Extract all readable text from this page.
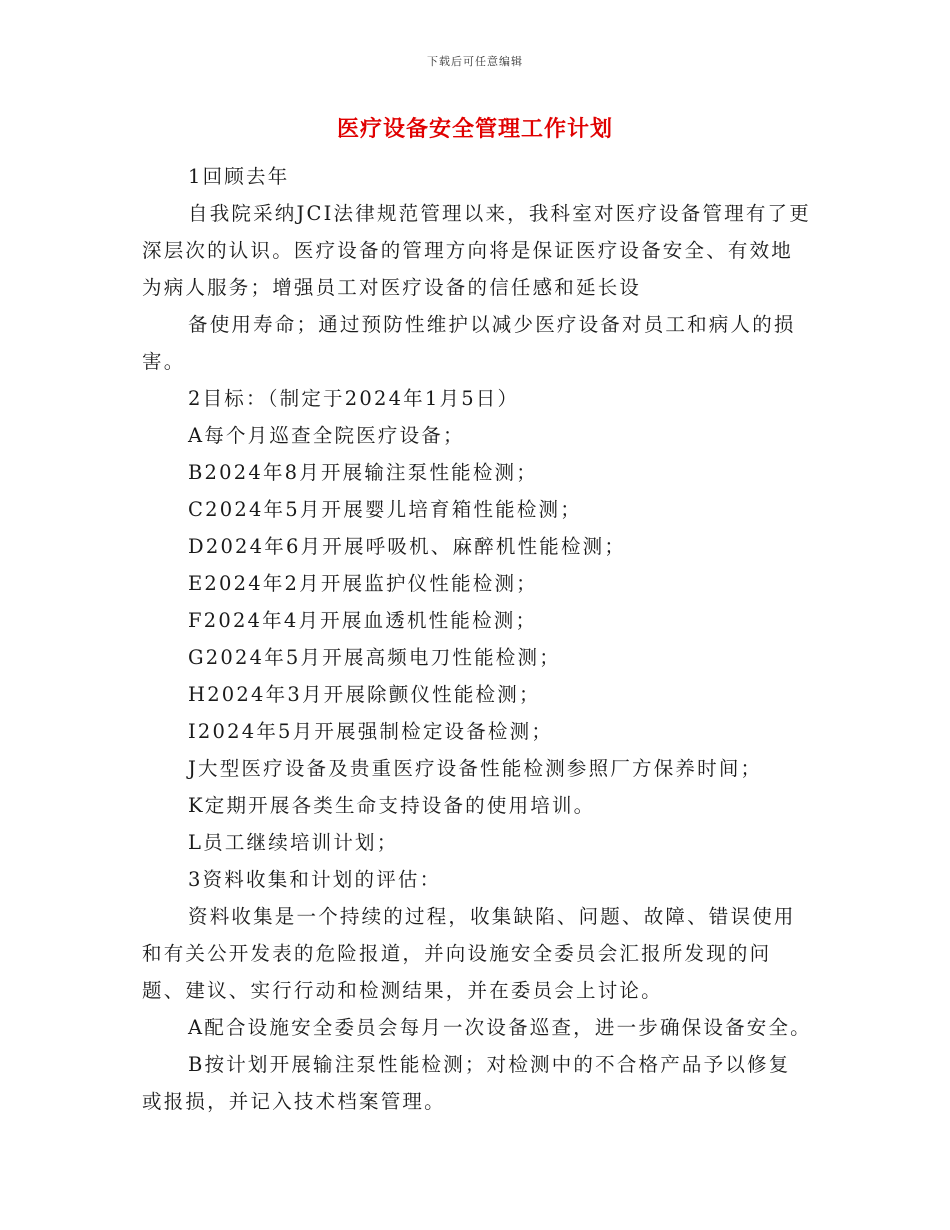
下载后可任意编辑
医疗设备安全管理工作计划

1回顾去年

自我院采纳JCI法律规范管理以来，我科室对医疗设备管理有了更深层次的认识。医疗设备的管理方向将是保证医疗设备安全、有效地为病人服务；增强员工对医疗设备的信任感和延长设

备使用寿命；通过预防性维护以减少医疗设备对员工和病人的损害。

2目标：（制定于2024年1月5日）

A每个月巡查全院医疗设备；

B2024年8月开展输注泵性能检测；

C2024年5月开展婴儿培育箱性能检测；

D2024年6月开展呼吸机、麻醉机性能检测；

E2024年2月开展监护仪性能检测；

F2024年4月开展血透机性能检测；

G2024年5月开展高频电刀性能检测；

H2024年3月开展除颤仪性能检测；

I2024年5月开展强制检定设备检测；

J大型医疗设备及贵重医疗设备性能检测参照厂方保养时间；

K定期开展各类生命支持设备的使用培训。

L员工继续培训计划；

3资料收集和计划的评估：

资料收集是一个持续的过程，收集缺陷、问题、故障、错误使用和有关公开发表的危险报道，并向设施安全委员会汇报所发现的问题、建议、实行行动和检测结果，并在委员会上讨论。

A配合设施安全委员会每月一次设备巡查，进一步确保设备安全。

B按计划开展输注泵性能检测；对检测中的不合格产品予以修复或报损，并记入技术档案管理。
